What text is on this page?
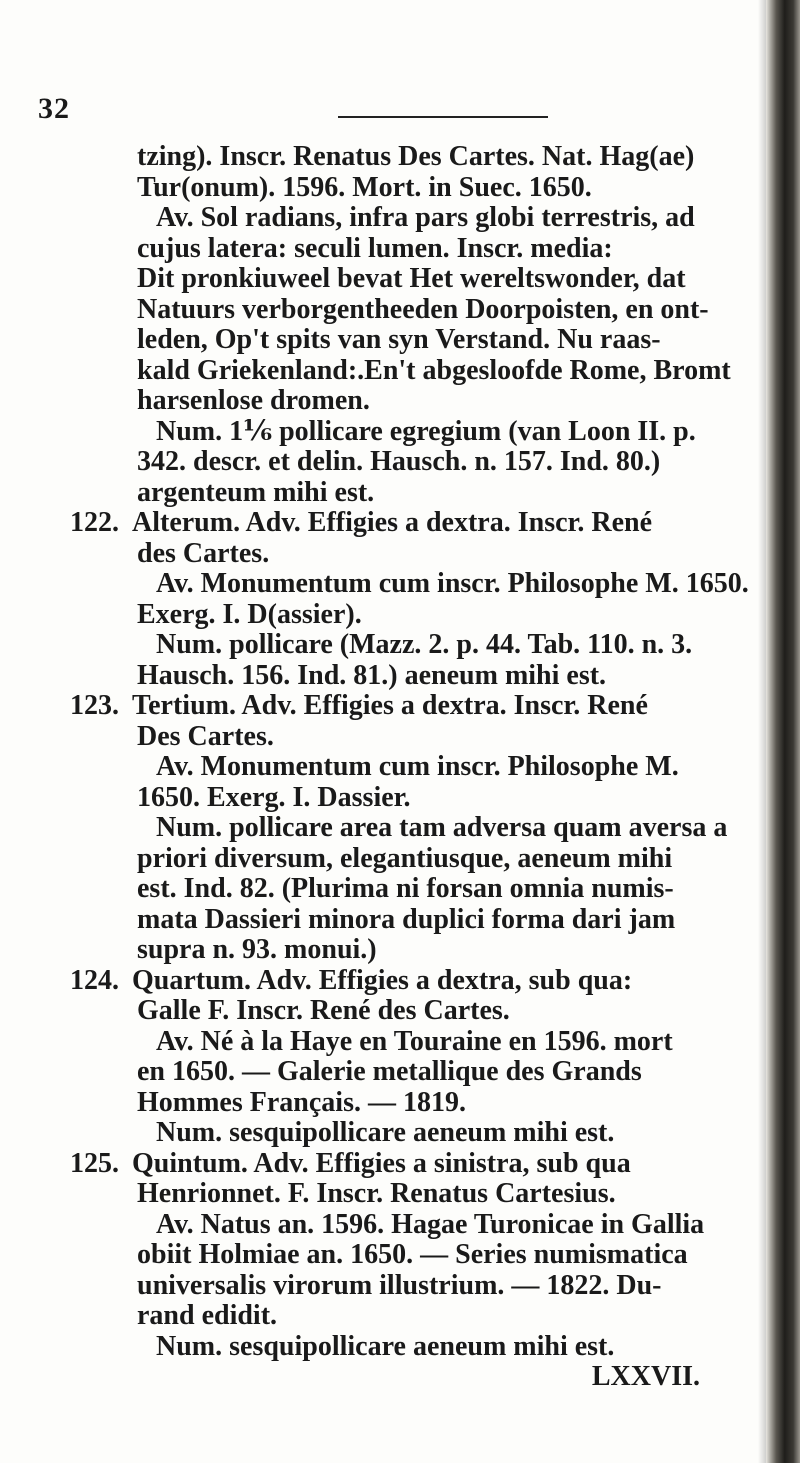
32
tzing). Inscr. Renatus Des Cartes. Nat. Hag(ae)
Tur(onum). 1596. Mort. in Suec. 1650.
Av. Sol radians, infra pars globi terrestris, ad
cujus latera: seculi lumen. Inscr. media:
Dit pronkiuweel bevat Het wereltswonder, dat
Natuurs verborgentheeden Doorpoisten, en ont-
leden, Op't spits van syn Verstand. Nu raas-
kald Griekenland:.En't abgesloofde Rome, Bromt
harsenlose dromen.
Num. 1⅙ pollicare egregium (van Loon II. p.
342. descr. et delin. Hausch. n. 157. Ind. 80.)
argenteum mihi est.
122. Alterum. Adv. Effigies a dextra. Inscr. René
des Cartes.
Av. Monumentum cum inscr. Philosophe M. 1650.
Exerg. I. D(assier).
Num. pollicare (Mazz. 2. p. 44. Tab. 110. n. 3.
Hausch. 156. Ind. 81.) aeneum mihi est.
123. Tertium. Adv. Effigies a dextra. Inscr. René
Des Cartes.
Av. Monumentum cum inscr. Philosophe M.
1650. Exerg. I. Dassier.
Num. pollicare area tam adversa quam aversa a
priori diversum, elegantiusque, aeneum mihi
est. Ind. 82. (Plurima ni forsan omnia numis-
mata Dassieri minora duplici forma dari jam
supra n. 93. monui.)
124. Quartum. Adv. Effigies a dextra, sub qua:
Galle F. Inscr. René des Cartes.
Av. Né à la Haye en Touraine en 1596. mort
en 1650. — Galerie metallique des Grands
Hommes Français. — 1819.
Num. sesquipollicare aeneum mihi est.
125. Quintum. Adv. Effigies a sinistra, sub qua
Henrionnet. F. Inscr. Renatus Cartesius.
Av. Natus an. 1596. Hagae Turonicae in Gallia
obiit Holmiae an. 1650. — Series numismatica
universalis virorum illustrium. — 1822. Du-
rand edidit.
Num. sesquipollicare aeneum mihi est.
LXXVII.
